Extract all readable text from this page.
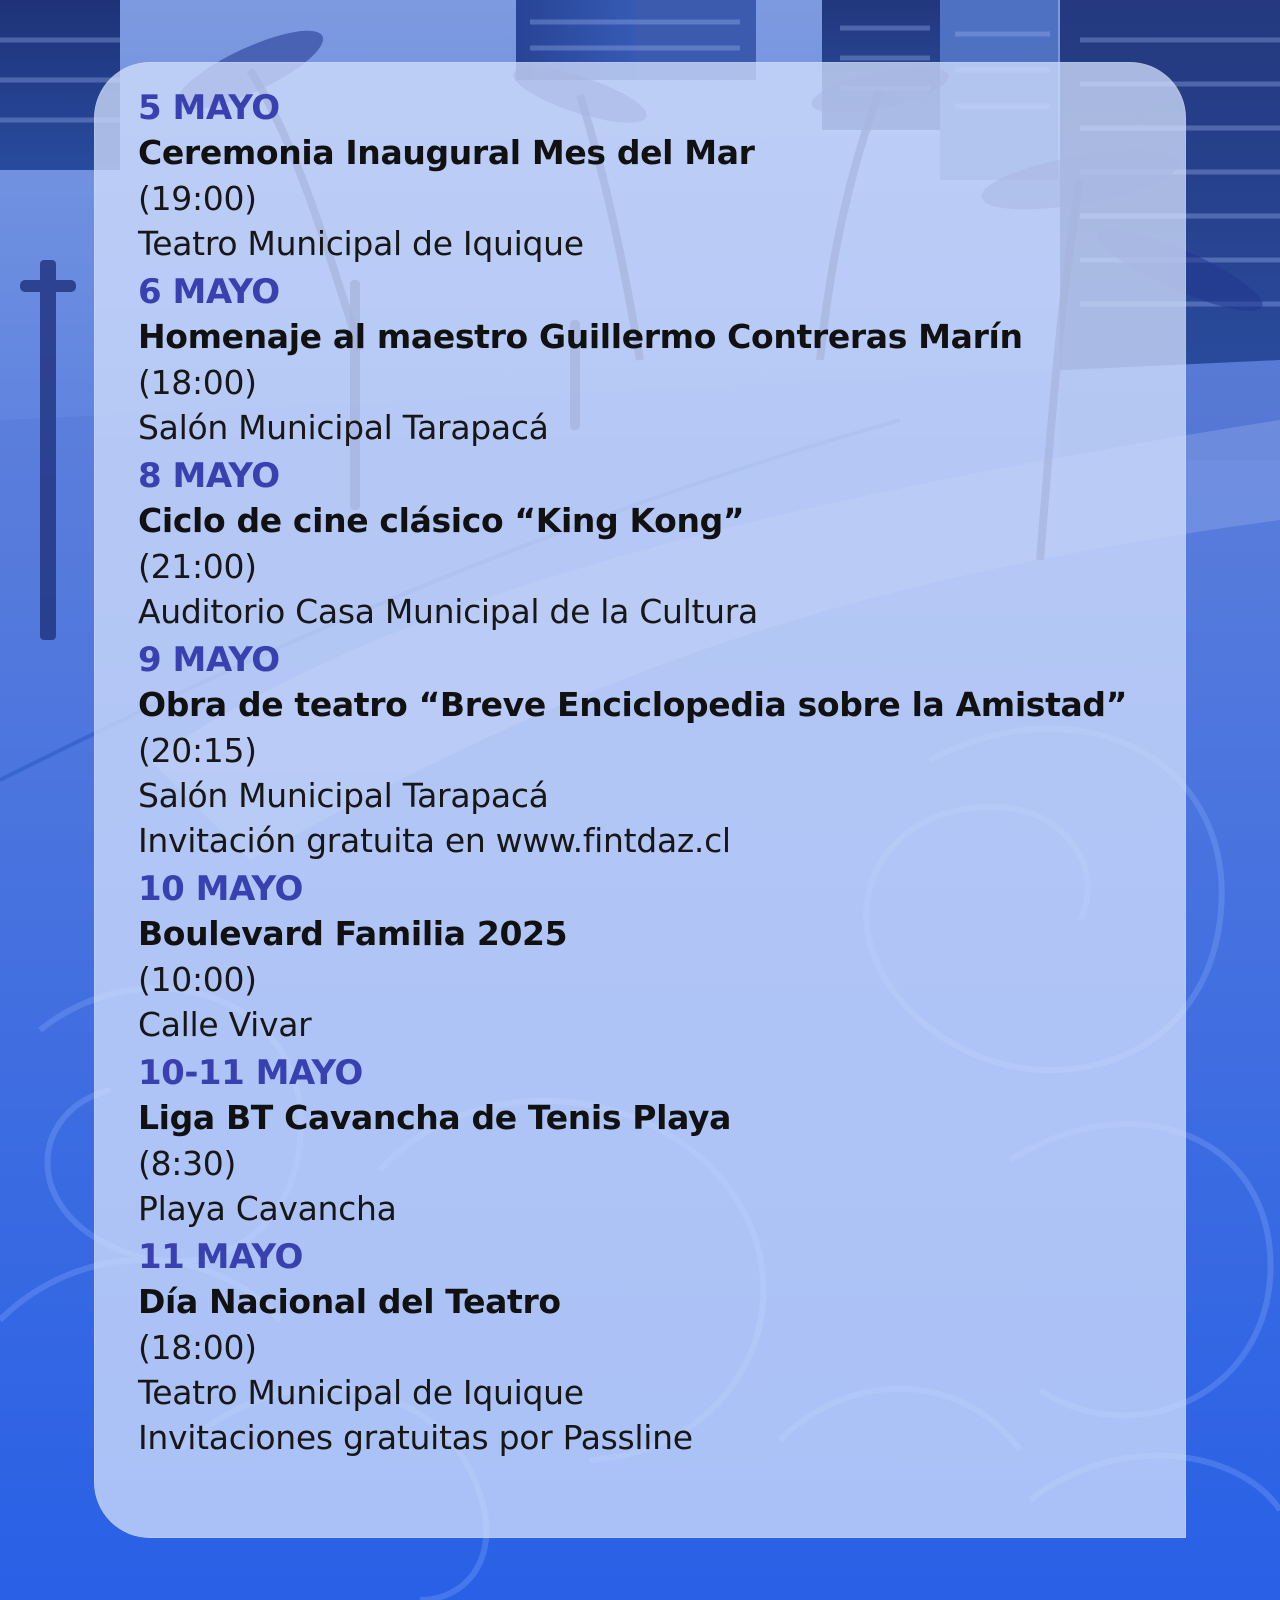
5 MAYO
Ceremonia Inaugural Mes del Mar
(19:00)
Teatro Municipal de Iquique
6 MAYO
Homenaje al maestro Guillermo Contreras Marín
(18:00)
Salón Municipal Tarapacá
8 MAYO
Ciclo de cine clásico “King Kong”
(21:00)
Auditorio Casa Municipal de la Cultura
9 MAYO
Obra de teatro “Breve Enciclopedia sobre la Amistad”
(20:15)
Salón Municipal Tarapacá
Invitación gratuita en www.fintdaz.cl
10 MAYO
Boulevard Familia 2025
(10:00)
Calle Vivar
10-11 MAYO
Liga BT Cavancha de Tenis Playa
(8:30)
Playa Cavancha
11 MAYO
Día Nacional del Teatro
(18:00)
Teatro Municipal de Iquique
Invitaciones gratuitas por Passline
